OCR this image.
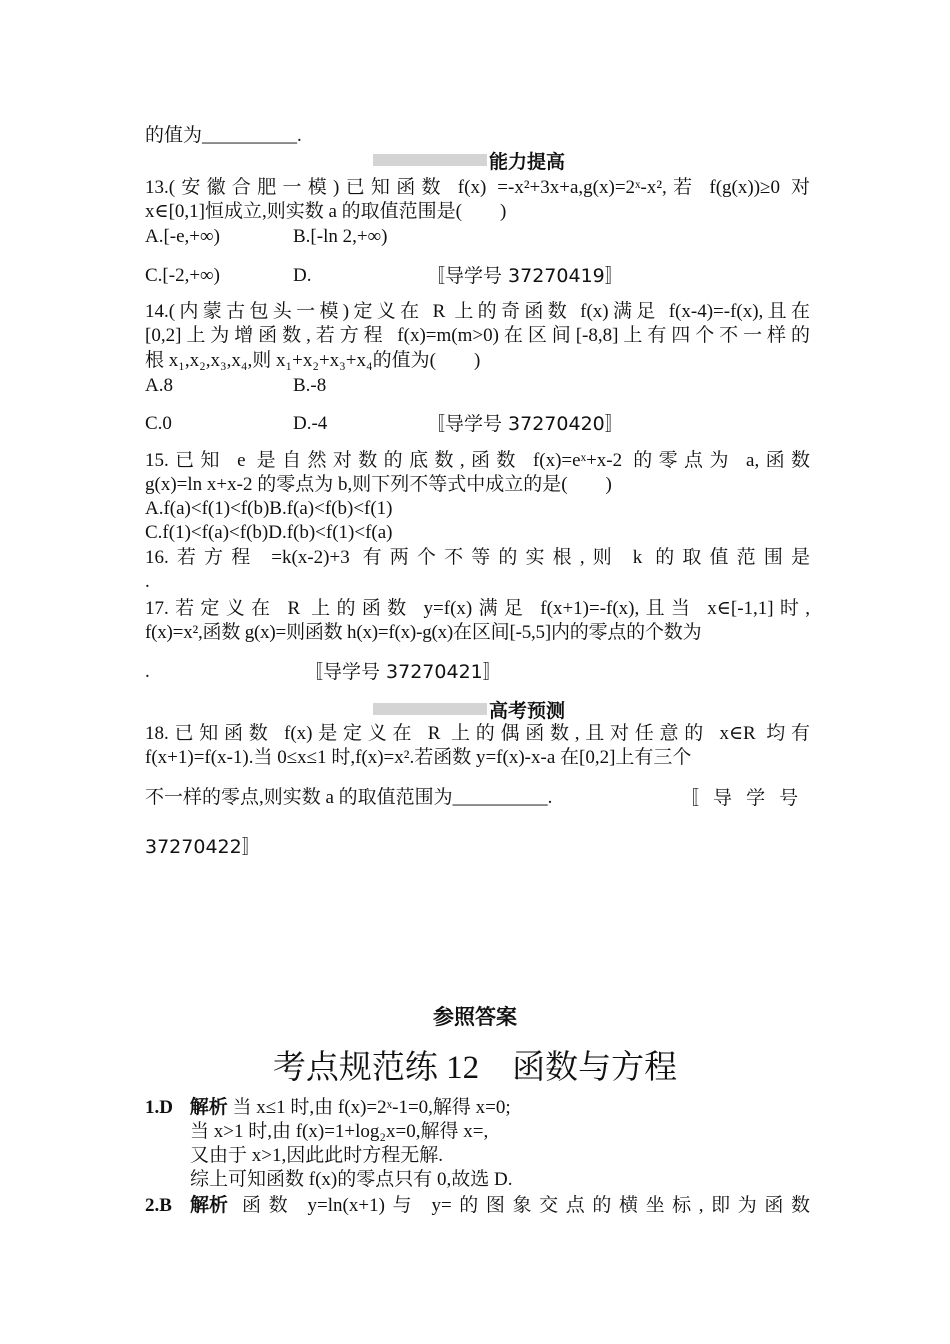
的值为__________.
能力提高
13.(安徽合肥一模)已知函数 f(x) =-x²+3x+a,g(x)=2ˣ-x²,若 f(g(x))≥0 对
x∈[0,1]恒成立,则实数 a 的取值范围是(　　)
A.[-e,+∞)	B.[-ln 2,+∞)
C.[-2,+∞)	D.	〚导学号 37270419〛
14.(内蒙古包头一模)定义在 R 上的奇函数 f(x)满足 f(x-4)=-f(x),且在
[0,2]上为增函数,若方程 f(x)=m(m>0)在区间[-8,8]上有四个不一样的
根 x₁,x₂,x₃,x₄,则 x₁+x₂+x₃+x₄的值为(　　)
A.8	B.-8
C.0	D.-4	〚导学号 37270420〛
15.已知 e 是自然对数的底数,函数 f(x)=eˣ+x-2 的零点为 a,函数
g(x)=ln x+x-2 的零点为 b,则下列不等式中成立的是(　　)
A.f(a)<f(1)<f(b)B.f(a)<f(b)<f(1)
C.f(1)<f(a)<f(b)D.f(b)<f(1)<f(a)
16.若方程 =k(x-2)+3 有两个不等的实根,则 k 的取值范围是
.
17.若定义在 R 上的函数 y=f(x)满足 f(x+1)=-f(x),且当 x∈[-1,1]时,
f(x)=x²,函数 g(x)=则函数 h(x)=f(x)-g(x)在区间[-5,5]内的零点的个数为
.	〚导学号 37270421〛
高考预测
18.已知函数 f(x)是定义在 R 上的偶函数,且对任意的 x∈R 均有
f(x+1)=f(x-1).当 0≤x≤1 时,f(x)=x².若函数 y=f(x)-x-a 在[0,2]上有三个
不一样的零点,则实数 a 的取值范围为__________.	〚 导 学 号
37270422〛
参照答案
考点规范练 12　函数与方程
1.D 解析 当 x≤1 时,由 f(x)=2ˣ-1=0,解得 x=0;
当 x>1 时,由 f(x)=1+log₂x=0,解得 x=,
又由于 x>1,因此此时方程无解.
综上可知函数 f(x)的零点只有 0,故选 D.
2.B 解析 函数 y=ln(x+1)与 y=的图象交点的横坐标,即为函数
